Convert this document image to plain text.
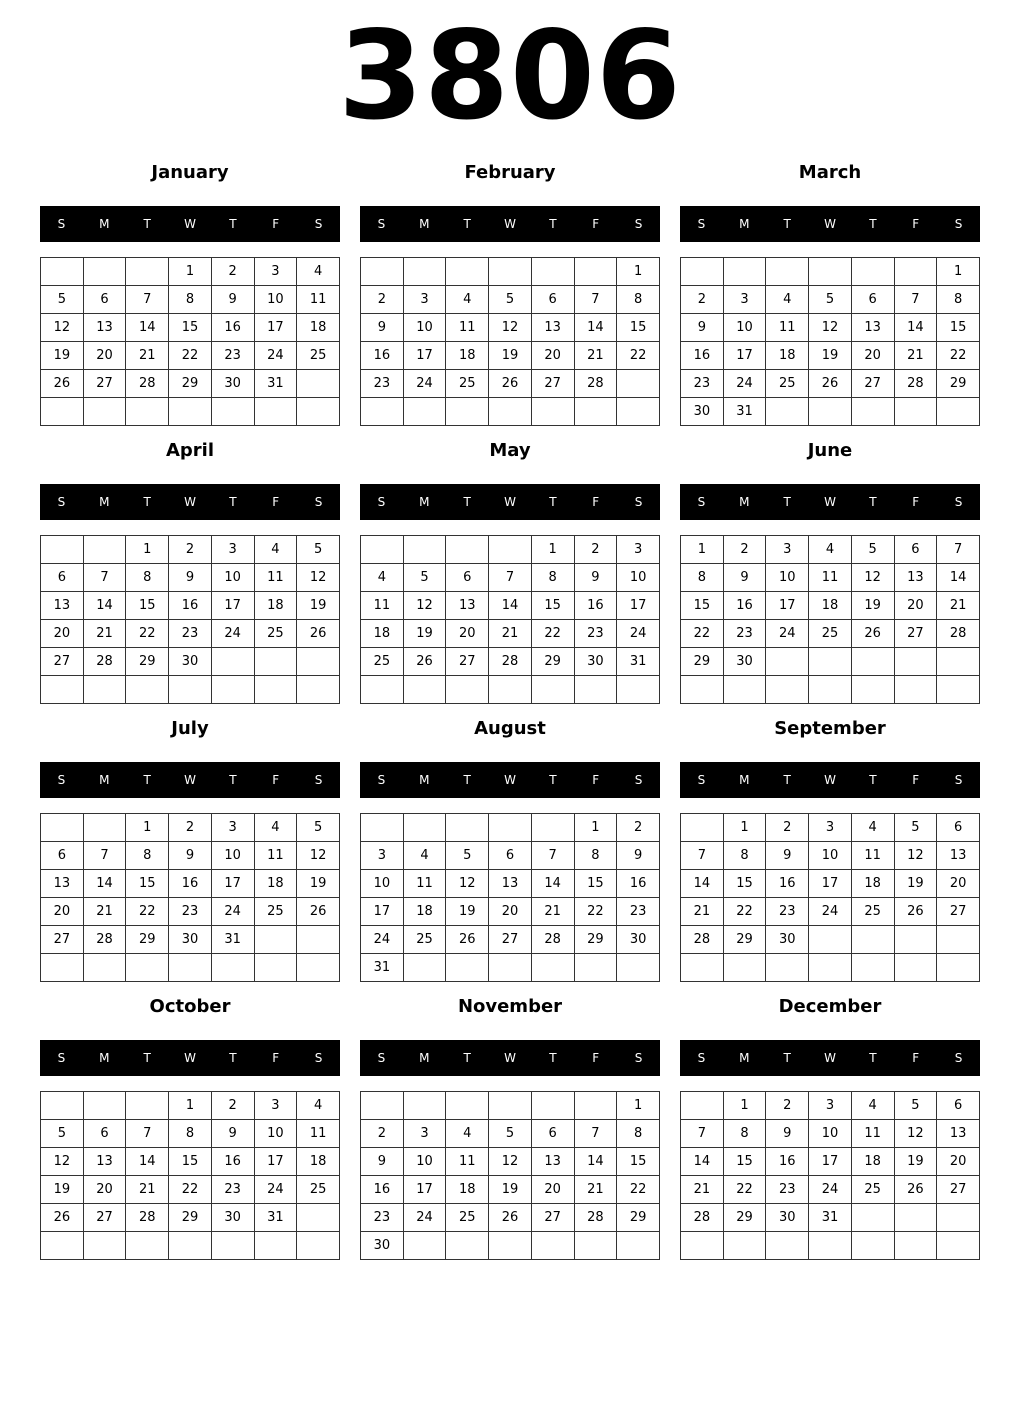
3806
January
S	M	T	W	T	F	S
			1	2	3	4
5	6	7	8	9	10	11
12	13	14	15	16	17	18
19	20	21	22	23	24	25
26	27	28	29	30	31	

February
S	M	T	W	T	F	S
						1
2	3	4	5	6	7	8
9	10	11	12	13	14	15
16	17	18	19	20	21	22
23	24	25	26	27	28	

March
S	M	T	W	T	F	S
						1
2	3	4	5	6	7	8
9	10	11	12	13	14	15
16	17	18	19	20	21	22
23	24	25	26	27	28	29
30	31					
April
S	M	T	W	T	F	S
		1	2	3	4	5
6	7	8	9	10	11	12
13	14	15	16	17	18	19
20	21	22	23	24	25	26
27	28	29	30			

May
S	M	T	W	T	F	S
				1	2	3
4	5	6	7	8	9	10
11	12	13	14	15	16	17
18	19	20	21	22	23	24
25	26	27	28	29	30	31

June
S	M	T	W	T	F	S
1	2	3	4	5	6	7
8	9	10	11	12	13	14
15	16	17	18	19	20	21
22	23	24	25	26	27	28
29	30					

July
S	M	T	W	T	F	S
		1	2	3	4	5
6	7	8	9	10	11	12
13	14	15	16	17	18	19
20	21	22	23	24	25	26
27	28	29	30	31		

August
S	M	T	W	T	F	S
					1	2
3	4	5	6	7	8	9
10	11	12	13	14	15	16
17	18	19	20	21	22	23
24	25	26	27	28	29	30
31						
September
S	M	T	W	T	F	S
	1	2	3	4	5	6
7	8	9	10	11	12	13
14	15	16	17	18	19	20
21	22	23	24	25	26	27
28	29	30				

October
S	M	T	W	T	F	S
			1	2	3	4
5	6	7	8	9	10	11
12	13	14	15	16	17	18
19	20	21	22	23	24	25
26	27	28	29	30	31	

November
S	M	T	W	T	F	S
						1
2	3	4	5	6	7	8
9	10	11	12	13	14	15
16	17	18	19	20	21	22
23	24	25	26	27	28	29
30						
December
S	M	T	W	T	F	S
	1	2	3	4	5	6
7	8	9	10	11	12	13
14	15	16	17	18	19	20
21	22	23	24	25	26	27
28	29	30	31			
